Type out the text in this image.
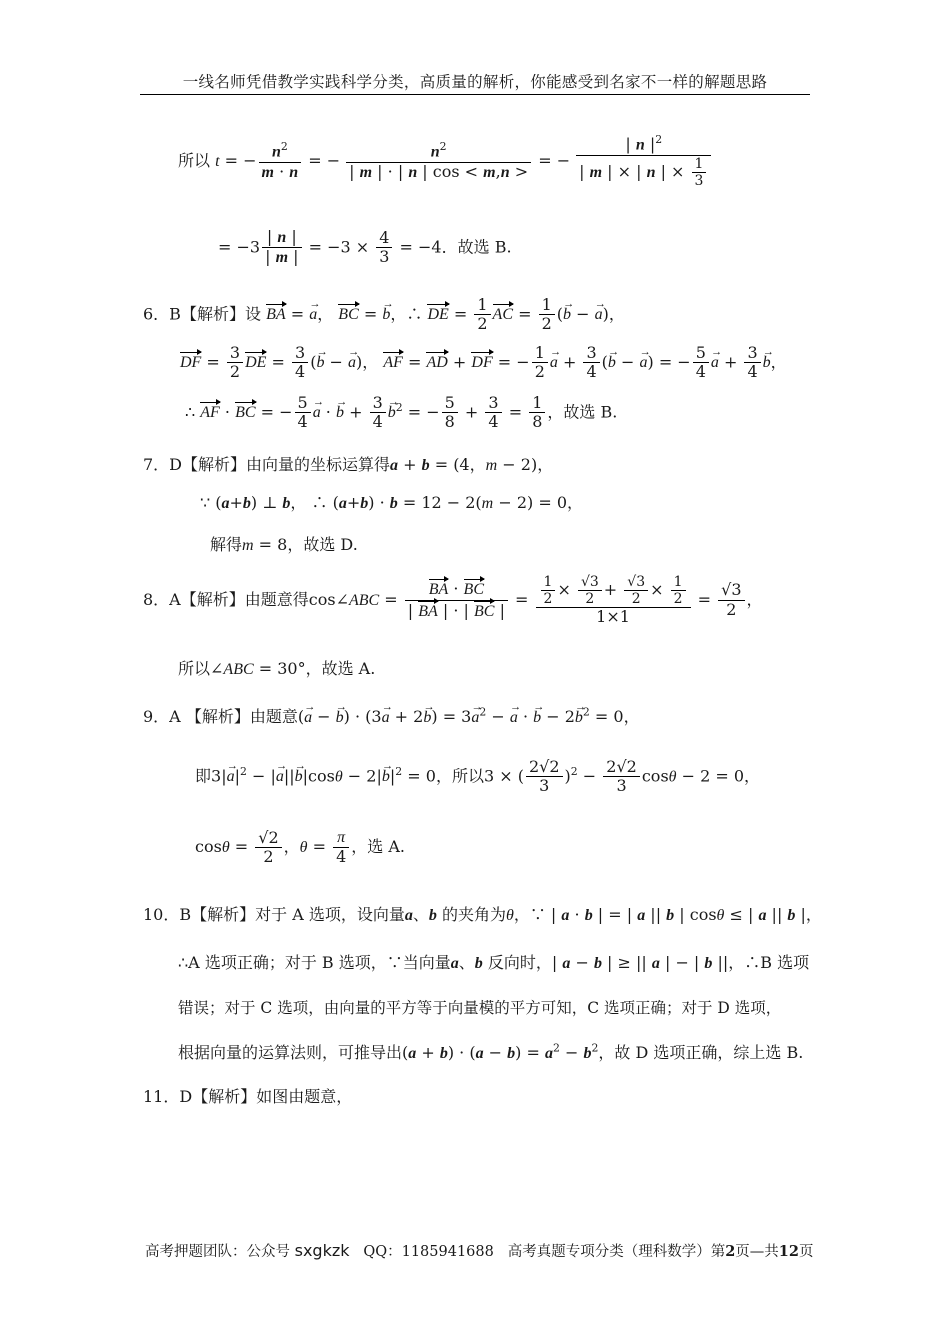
一线名师凭借教学实践科学分类，高质量的解析，你能感受到名家不一样的解题思路
所以 t = − $\frac{n^2}{m \cdot n}$ = − $\frac{n^2}{| m | \cdot | n | \cos < m,n >}$ = − $\frac{| n |^2}{| m | \times | n | \times \frac{1}{3}}$
= $-3 \frac{| n |}{| m |} = -3 \times \frac{4}{3} = -4$．故选 B.
6．B【解析】设 BA = → a， BC = → b，∴ DE = $\frac{1}{2}$ AC = $\frac{1}{2}$ (→ b − → a)，
DF = $\frac{3}{2}$ DE = $\frac{3}{4}$ (→ b − → a)， AF = AD + DF = − $\frac{1}{2}$
→ $a + \frac{3}{4}$ (→ b − → a) = − $\frac{5}{4}$
→ $a + \frac{3}{4}$
→ b，
∴ AF · BC = − $\frac{5}{4}$
→ a · → $b + \frac{3}{4}$
→ $b^2$ = − $\frac{5}{8} + \frac{3}{4} = \frac{1}{8}$ ，故选 B.
7．D【解析】由向量的坐标运算得a + b = (4，m − 2)，
∵ (a+b) ⊥ b， ∴ (a+b) · b = 12 − 2(m − 2) = 0，
解得m = 8，故选 D.
8．A【解析】由题意得cos∠ABC = $\frac{BA \cdot BC}{| BA | \cdot | BC |} = \frac{\frac{1}{2} \times \frac{√3}{2} + \frac{√3}{2} \times \frac{1}{2}}{1\times 1} = \frac{√3}{2}$ ，
所以∠ABC = 30°，故选 A.
9．A 【解析】由题意(→ a − → $b) \cdot (3\to a + 2\to b) = 3\to a^2$ − → a · → $b - 2\to b^2 = 0$，
即$3|\to a|^2$ − |→ $a||\to b|\cos\theta - 2|\to b|^2 = 0$，所以3 × ( $\frac{2√2}{3} )^2 - \frac{2√2}{3}$ cosθ − 2 = 0，
$\cos\theta = \frac{√2}{2}$ ，$\theta = \frac{\pi}{4}$ ，选 A.
10．B【解析】对于 A 选项，设向量a、b 的夹角为θ，∵ | a · b | = | a || b | cosθ ≤ | a || b |，
∴A 选项正确；对于 B 选项，∵当向量a、b 反向时，| a − b | ≥ || a | − | b ||，∴B 选项
错误；对于 C 选项，由向量的平方等于向量模的平方可知，C 选项正确；对于 D 选项，
根据向量的运算法则，可推导出$(a + b) \cdot (a - b) = a^2 - b^2$，故 D 选项正确，综上选 B.
11．D【解析】如图由题意，
高考押题团队：公众号 sxgkzk QQ：1185941688 高考真题专项分类（理科数学）第2页—共12页
